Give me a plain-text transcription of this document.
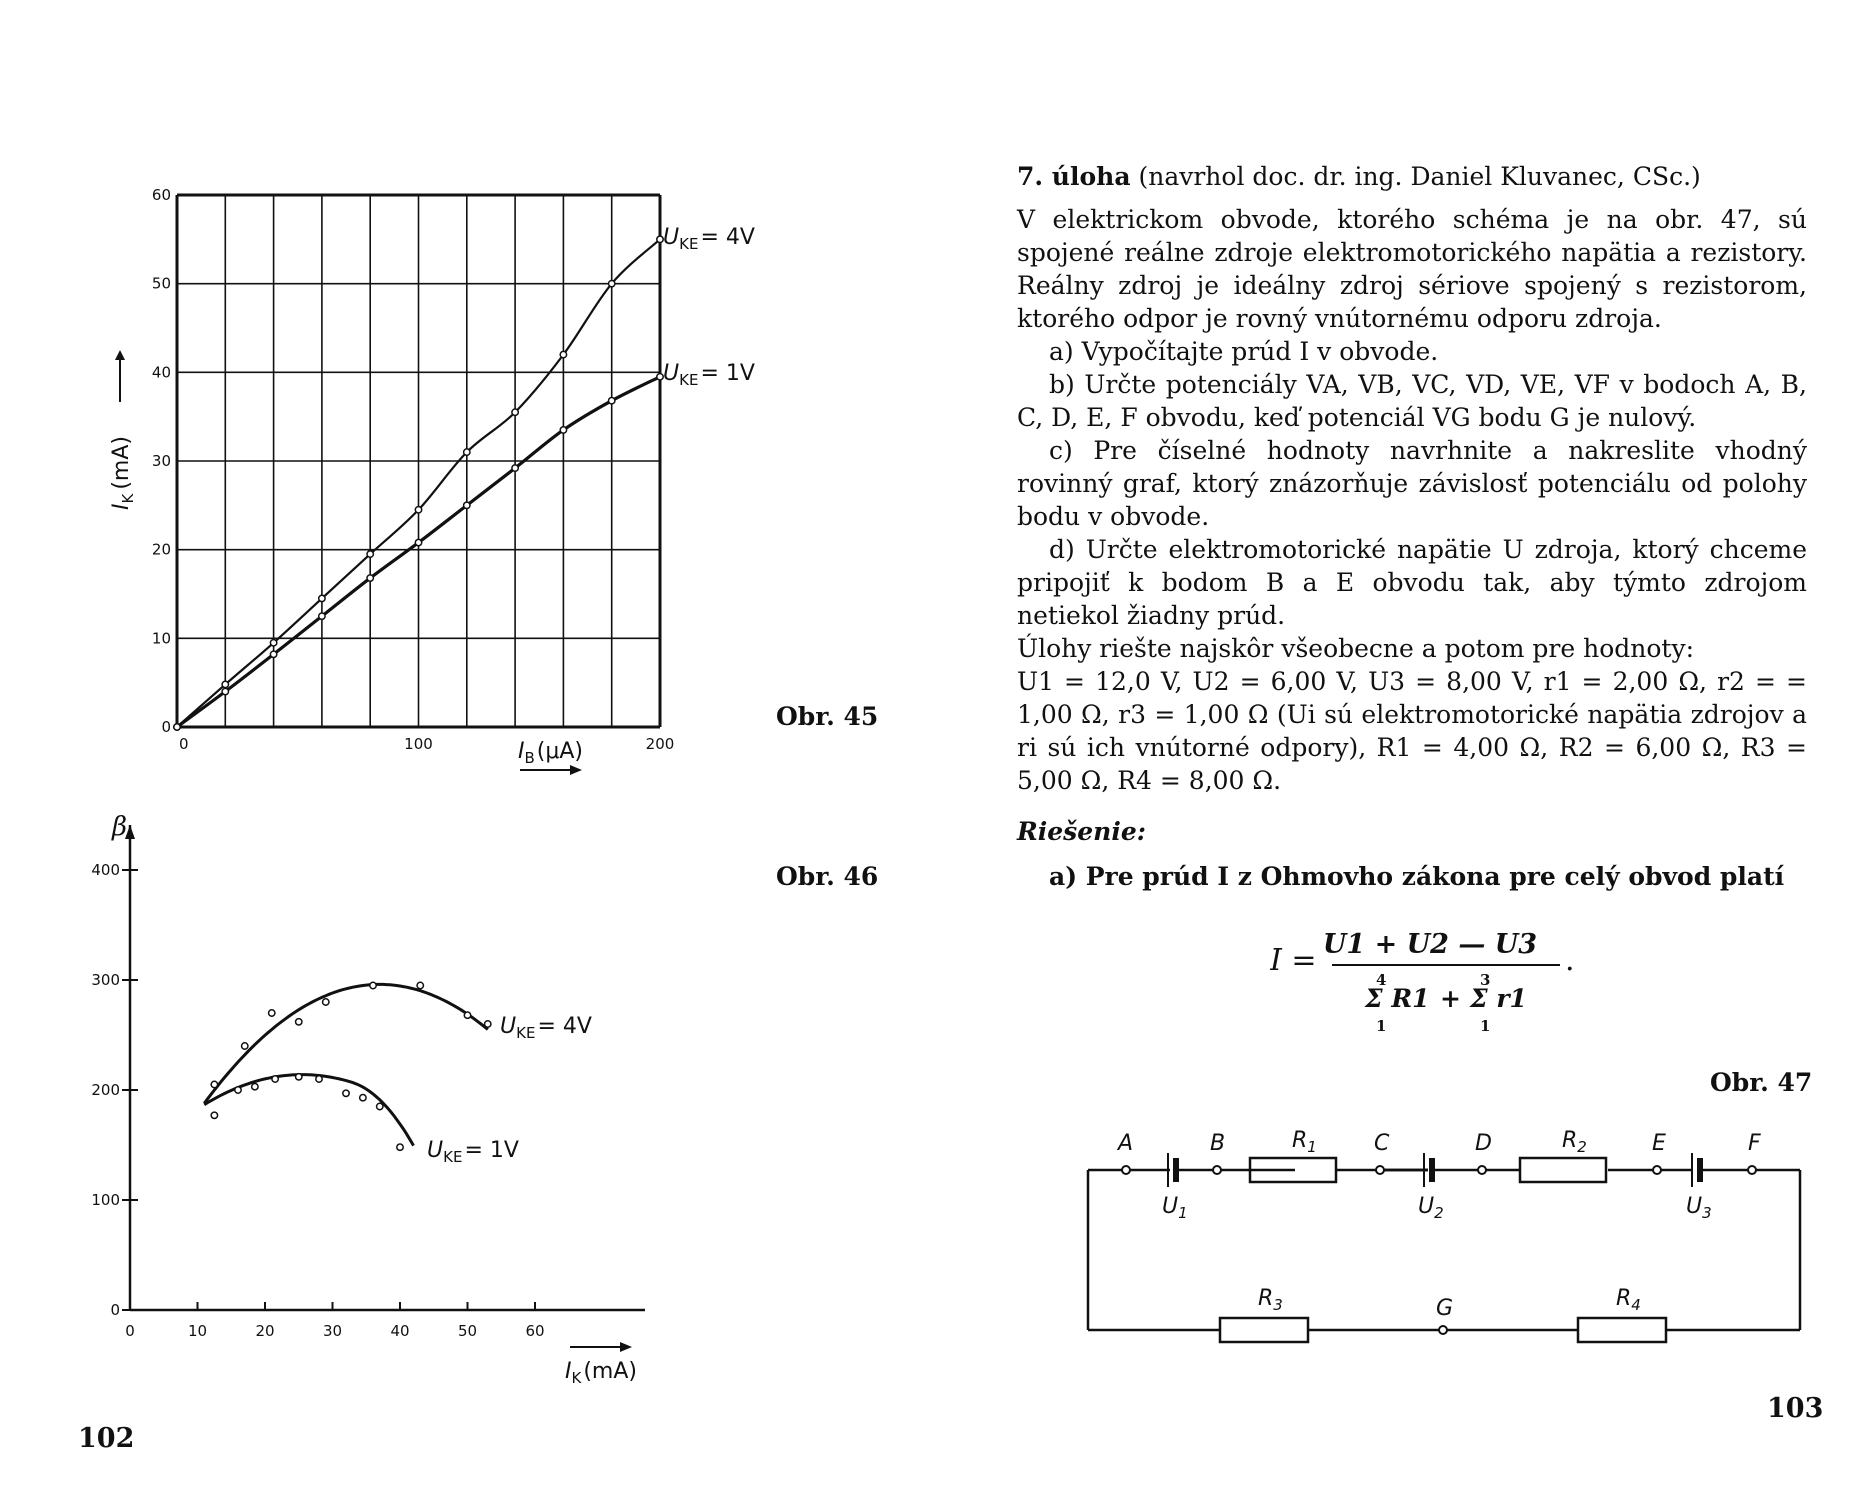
0
10
20
30
40
50
60
0	100	200
$U_{KE}= 4V$
$U_{KE}= 1V$
$I_K(mA)$
$I_B(\mu A)$
Obr. 45
0	10	20	30	40	50	60
0
100
200
300
400
β
$U_{KE}= 4V$
$U_{KE}= 1V$
$I_K(mA)$
Obr. 46

7. úloha (navrhol doc. dr. ing. Daniel Kluvanec, CSc.)

V elektrickom obvode, ktorého schéma je na obr. 47, sú spojené reálne zdroje elektromotorického napätia a rezistory. Reálny zdroj je ideálny zdroj sériove spojený s rezistorom, ktorého odpor je rovný vnútornému odporu zdroja.

a) Vypočítajte prúd I v obvode.

b) Určte potenciály VA, VB, VC, VD, VE, VF v bodoch A, B, C, D, E, F obvodu, keď potenciál VG bodu G je nulový.

c) Pre číselné hodnoty navrhnite a nakreslite vhodný rovinný graf, ktorý znázorňuje závislosť potenciálu od polohy bodu v obvode.

d) Určte elektromotorické napätie U zdroja, ktorý chceme pripojiť k bodom B a E obvodu tak, aby týmto zdrojom netiekol žiadny prúd.

Úlohy riešte najskôr všeobecne a potom pre hodnoty:

U1 = 12,0 V, U2 = 6,00 V, U3 = 8,00 V, r1 = 2,00 Ω, r2 = = 1,00 Ω, r3 = 1,00 Ω (Ui sú elektromotorické napätia zdrojov a ri sú ich vnútorné odpory), R1 = 4,00 Ω, R2 = 6,00 Ω, R3 = 5,00 Ω, R4 = 8,00 Ω.

Riešenie:

a) Pre prúd I z Ohmovho zákona pre celý obvod platí

I = U1 + U2 — U3 .
4
Σ R1
1
+
3
Σ r1
1
Obr. 47
A	B	C	D	E	F
G
$R_1$	$R_2$
$R_3$	$R_4$
$U_1$	$U_2$	$U_3$
102
103
